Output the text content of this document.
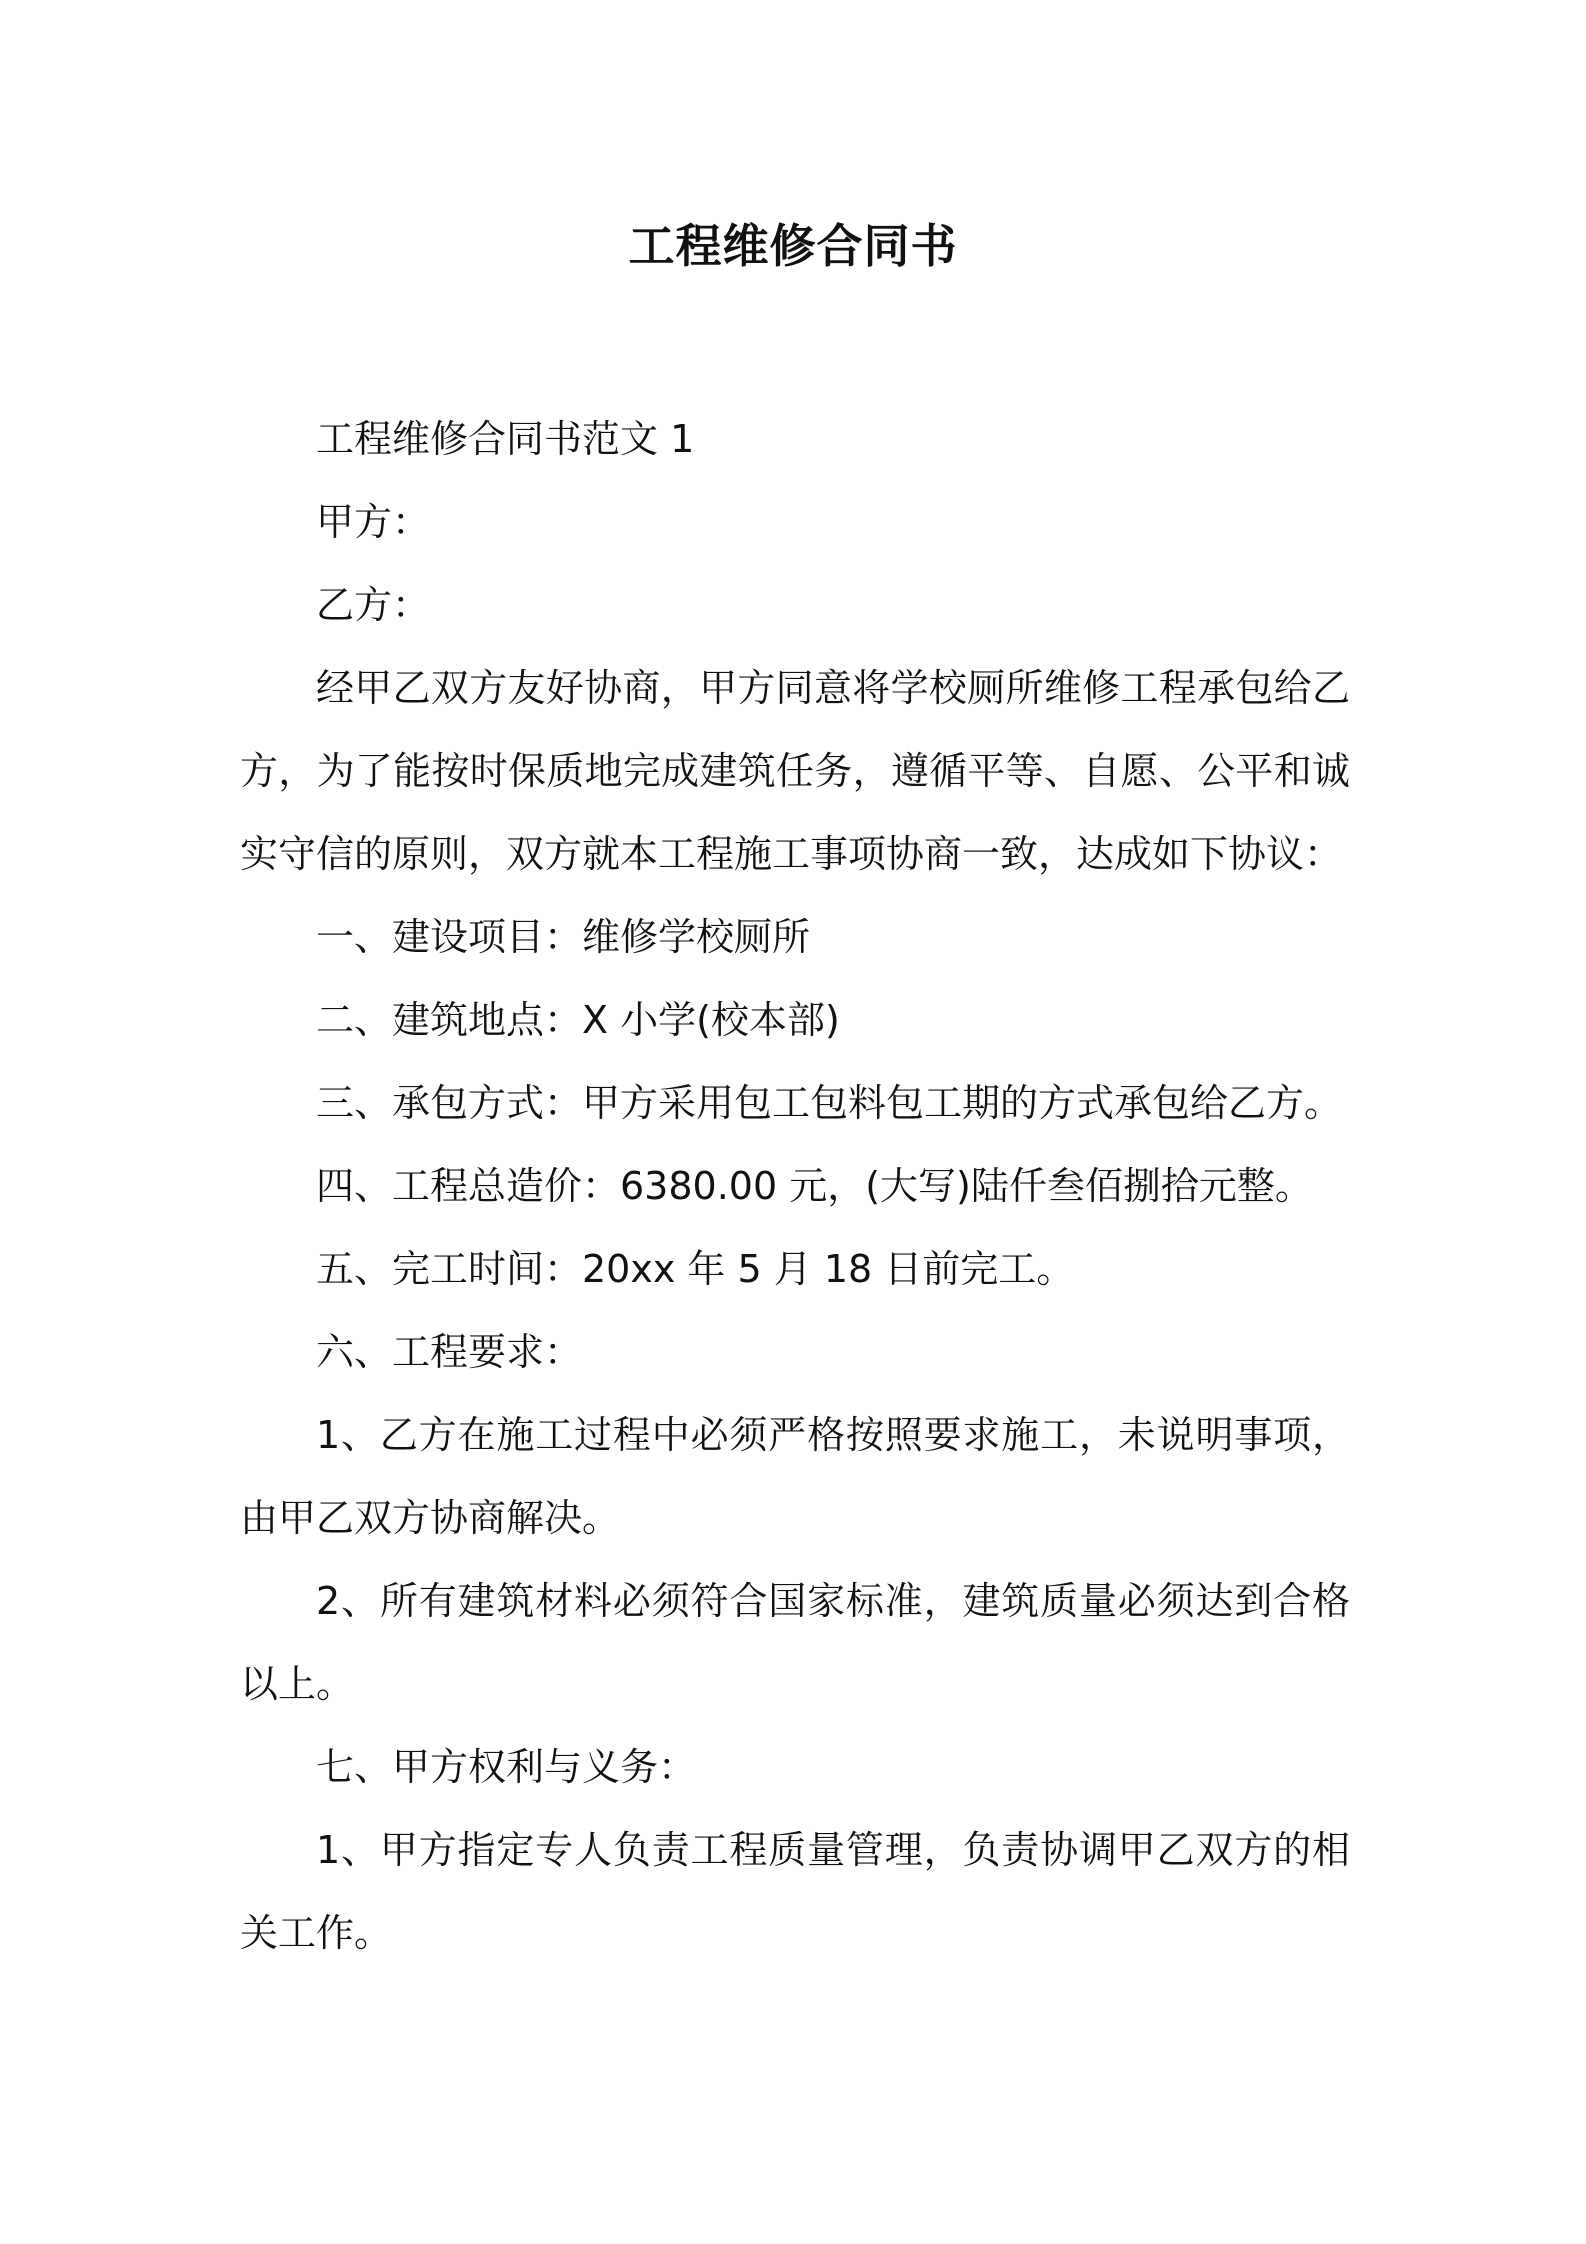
工程维修合同书

工程维修合同书范文 1

甲方：

乙方：

经甲乙双方友好协商，甲方同意将学校厕所维修工程承包给乙方，为了能按时保质地完成建筑任务，遵循平等、自愿、公平和诚实守信的原则，双方就本工程施工事项协商一致，达成如下协议：

一、建设项目：维修学校厕所

二、建筑地点：X 小学(校本部)

三、承包方式：甲方采用包工包料包工期的方式承包给乙方。

四、工程总造价：6380.00 元，(大写)陆仟叁佰捌拾元整。

五、完工时间：20xx 年 5 月 18 日前完工。

六、工程要求：

1、乙方在施工过程中必须严格按照要求施工，未说明事项，由甲乙双方协商解决。

2、所有建筑材料必须符合国家标准，建筑质量必须达到合格以上。

七、甲方权利与义务：

1、甲方指定专人负责工程质量管理，负责协调甲乙双方的相关工作。
